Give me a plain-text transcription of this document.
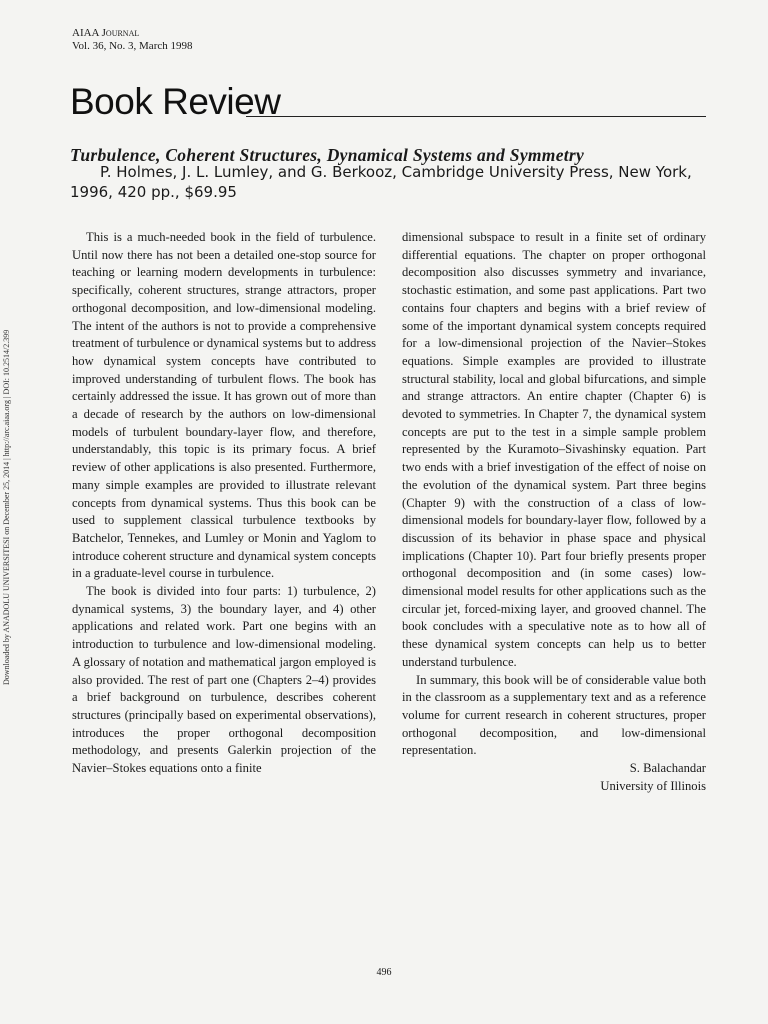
AIAA Journal
Vol. 36, No. 3, March 1998
Book Review
Turbulence, Coherent Structures, Dynamical Systems and Symmetry
P. Holmes, J. L. Lumley, and G. Berkooz, Cambridge University Press, New York, 1996, 420 pp., $69.95

This is a much-needed book in the field of turbulence. Until now there has not been a detailed one-stop source for teaching or learning modern developments in turbulence: specifically, coherent structures, strange attractors, proper orthogonal decomposition, and low-dimensional modeling. The intent of the authors is not to provide a comprehensive treatment of turbulence or dynamical systems but to address how dynamical system concepts have contributed to improved understanding of turbulent flows. The book has certainly addressed the issue. It has grown out of more than a decade of research by the authors on low-dimensional models of turbulent boundary-layer flow, and therefore, understandably, this topic is its primary focus. A brief review of other applications is also presented. Furthermore, many simple examples are provided to illustrate relevant concepts from dynamical systems. Thus this book can be used to supplement classical turbulence textbooks by Batchelor, Tennekes, and Lumley or Monin and Yaglom to introduce coherent structure and dynamical system concepts in a graduate-level course in turbulence.

The book is divided into four parts: 1) turbulence, 2) dynamical systems, 3) the boundary layer, and 4) other applications and related work. Part one begins with an introduction to turbulence and low-dimensional modeling. A glossary of notation and mathematical jargon employed is also provided. The rest of part one (Chapters 2–4) provides a brief background on turbulence, describes coherent structures (principally based on experimental observations), introduces the proper orthogonal decomposition methodology, and presents Galerkin projection of the Navier–Stokes equations onto a finite

dimensional subspace to result in a finite set of ordinary differential equations. The chapter on proper orthogonal decomposition also discusses symmetry and invariance, stochastic estimation, and some past applications. Part two contains four chapters and begins with a brief review of some of the important dynamical system concepts required for a low-dimensional projection of the Navier–Stokes equations. Simple examples are provided to illustrate structural stability, local and global bifurcations, and simple and strange attractors. An entire chapter (Chapter 6) is devoted to symmetries. In Chapter 7, the dynamical system concepts are put to the test in a simple sample problem represented by the Kuramoto–Sivashinsky equation. Part two ends with a brief investigation of the effect of noise on the evolution of the dynamical system. Part three begins (Chapter 9) with the construction of a class of low-dimensional models for boundary-layer flow, followed by a discussion of its behavior in phase space and physical implications (Chapter 10). Part four briefly presents proper orthogonal decomposition and (in some cases) low-dimensional model results for other applications such as the circular jet, forced-mixing layer, and grooved channel. The book concludes with a speculative note as to how all of these dynamical system concepts can help us to better understand turbulence.

In summary, this book will be of considerable value both in the classroom as a supplementary text and as a reference volume for current research in coherent structures, proper orthogonal decomposition, and low-dimensional representation.

S. Balachandar
University of Illinois
Downloaded by ANADOLU UNIVERSITESI on December 25, 2014 | http://arc.aiaa.org | DOI: 10.2514/2.399
496
